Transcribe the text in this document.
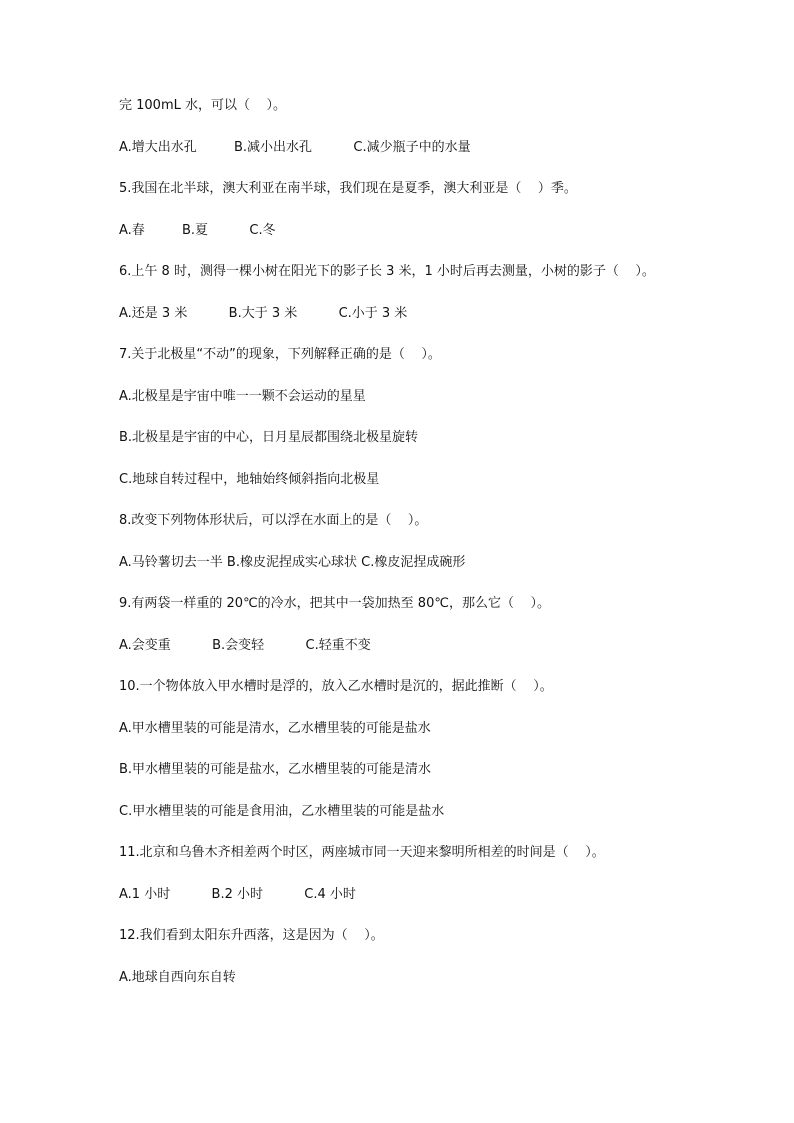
完 100mL 水，可以（    ）。
A.增大出水孔         B.减小出水孔          C.减少瓶子中的水量
5.我国在北半球，澳大利亚在南半球，我们现在是夏季，澳大利亚是（    ）季。
A.春         B.夏          C.冬
6.上午 8 时，测得一棵小树在阳光下的影子长 3 米，1 小时后再去测量，小树的影子（    ）。
A.还是 3 米          B.大于 3 米          C.小于 3 米
7.关于北极星“不动”的现象，下列解释正确的是（    ）。
A.北极星是宇宙中唯一一颗不会运动的星星
B.北极星是宇宙的中心，日月星辰都围绕北极星旋转
C.地球自转过程中，地轴始终倾斜指向北极星
8.改变下列物体形状后，可以浮在水面上的是（    ）。
A.马铃薯切去一半 B.橡皮泥捏成实心球状 C.橡皮泥捏成碗形
9.有两袋一样重的 20℃的冷水，把其中一袋加热至 80℃，那么它（    ）。
A.会变重          B.会变轻          C.轻重不变
10.一个物体放入甲水槽时是浮的，放入乙水槽时是沉的，据此推断（    ）。
A.甲水槽里装的可能是清水，乙水槽里装的可能是盐水
B.甲水槽里装的可能是盐水，乙水槽里装的可能是清水
C.甲水槽里装的可能是食用油，乙水槽里装的可能是盐水
11.北京和乌鲁木齐相差两个时区，两座城市同一天迎来黎明所相差的时间是（    ）。
A.1 小时          B.2 小时          C.4 小时
12.我们看到太阳东升西落，这是因为（    ）。
A.地球自西向东自转
